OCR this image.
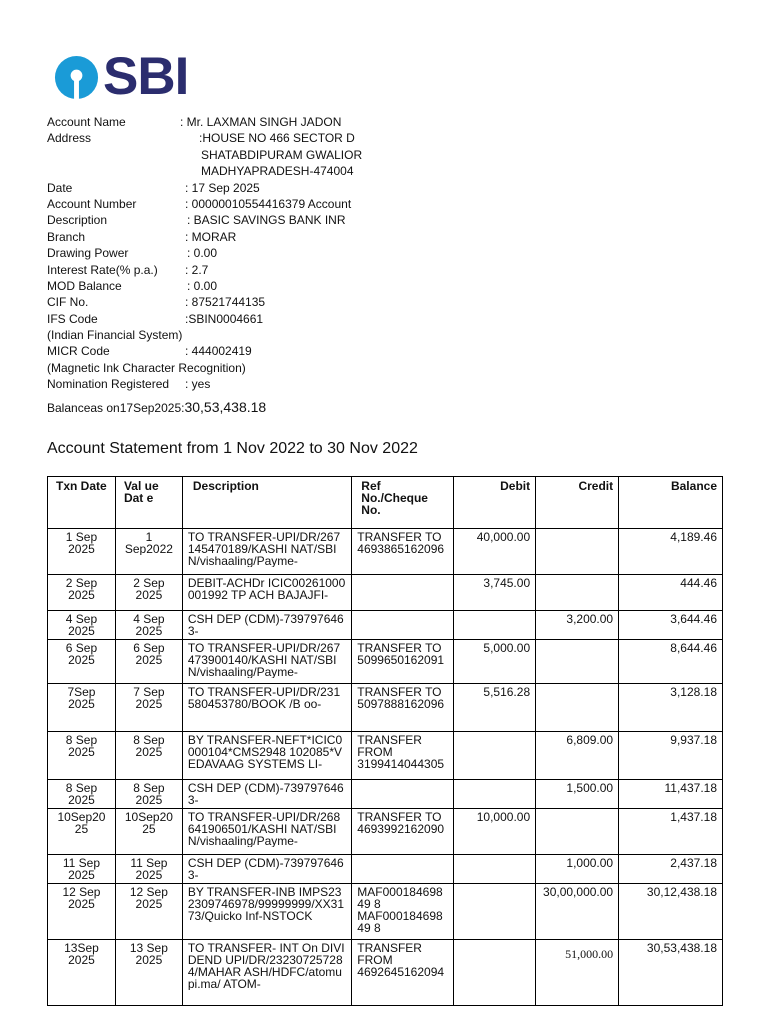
SBI
Account Name	: Mr. LAXMAN SINGH JADON
Address	:HOUSE NO 466 SECTOR D
SHATABDIPURAM GWALIOR
MADHYAPRADESH-474004
Date	: 17 Sep 2025
Account Number	: 00000010554416379 Account
Description	: BASIC SAVINGS BANK INR
Branch	: MORAR
Drawing Power	: 0.00
Interest Rate(% p.a.) : 2.7
MOD Balance	: 0.00
CIF No.	: 87521744135
IFS Code	:SBIN0004661
(Indian Financial System)
MICR Code	: 444002419
(Magnetic Ink Character Recognition)
Nomination Registered : yes
Balanceas on17Sep2025:30,53,438.18
Account Statement from 1 Nov 2022 to 30 Nov 2022
Txn Date	Val ue Dat e	Description	Ref No./Cheque No.	Debit	Credit	Balance

1 Sep 2025	1 Sep2022	TO TRANSFER-UPI/DR/267145470189/KASHI NAT/SBIN/vishaaling/Payme-	TRANSFER TO 4693865162096	40,000.00		4,189.46

2 Sep 2025	2 Sep 2025	DEBIT-ACHDr ICIC00261000001992 TP ACH BAJAJFI-		3,745.00		444.46

4 Sep 2025	4 Sep 2025	CSH DEP (CDM)-7397976463-			3,200.00	3,644.46

6 Sep 2025	6 Sep 2025	TO TRANSFER-UPI/DR/267473900140/KASHI NAT/SBIN/vishaaling/Payme-	TRANSFER TO 5099650162091	5,000.00		8,644.46

7Sep 2025	7 Sep 2025	TO TRANSFER-UPI/DR/231580453780/BOOK /B oo-	TRANSFER TO 5097888162096	5,516.28		3,128.18

8 Sep 2025	8 Sep 2025	BY TRANSFER-NEFT*ICIC0000104*CMS2948 102085*VEDAVAAG SYSTEMS LI-	TRANSFER FROM 3199414044305		6,809.00	9,937.18

8 Sep 2025	8 Sep 2025	CSH DEP (CDM)-7397976463-			1,500.00	11,437.18

10Sep20 25	10Sep20 25	TO TRANSFER-UPI/DR/268641906501/KASHI NAT/SBIN/vishaaling/Payme-	TRANSFER TO 4693992162090	10,000.00		1,437.18

11 Sep 2025	11 Sep 2025	CSH DEP (CDM)-7397976463-			1,000.00	2,437.18

12 Sep 2025	12 Sep 2025	BY TRANSFER-INB IMPS232309746978/99999999/XX3173/Quicko Inf-NSTOCK	MAF000184698 49 8 MAF000184698 49 8		30,00,000.00	30,12,438.18

13Sep 2025	13 Sep 2025	TO TRANSFER- INT On DIVIDEND UPI/DR/232307257284/MAHAR ASH/HDFC/atomupi.ma/ ATOM-	TRANSFER FROM 4692645162094		51,000.00	30,53,438.18
